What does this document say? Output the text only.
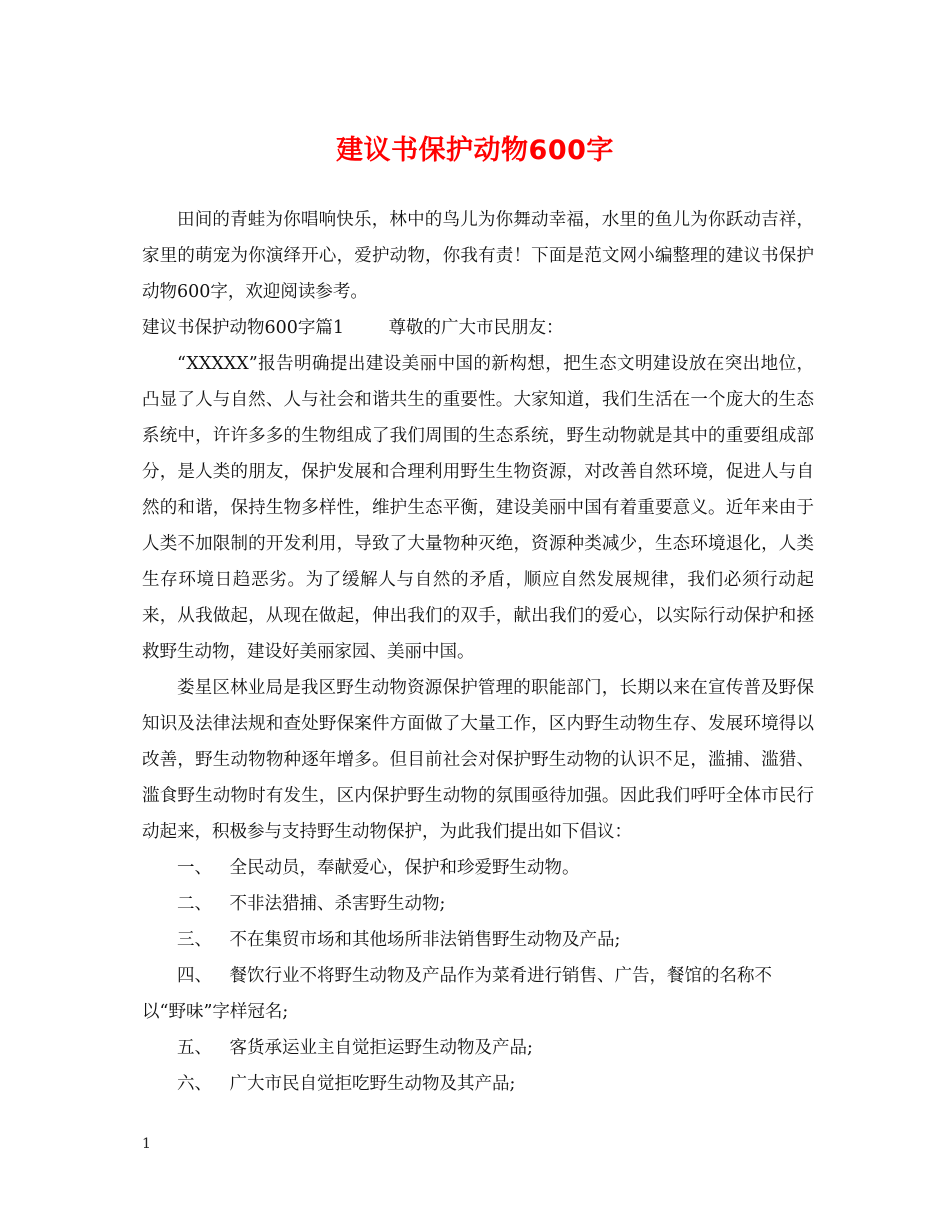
建议书保护动物600字

田间的青蛙为你唱响快乐，林中的鸟儿为你舞动幸福，水里的鱼儿为你跃动吉祥，家里的萌宠为你演绎开心，爱护动物，你我有责！下面是范文网小编整理的建议书保护动物600字，欢迎阅读参考。

建议书保护动物600字篇1        尊敬的广大市民朋友：

“XXXXX”报告明确提出建设美丽中国的新构想，把生态文明建设放在突出地位，凸显了人与自然、人与社会和谐共生的重要性。大家知道，我们生活在一个庞大的生态系统中，许许多多的生物组成了我们周围的生态系统，野生动物就是其中的重要组成部分，是人类的朋友，保护发展和合理利用野生生物资源，对改善自然环境，促进人与自然的和谐，保持生物多样性，维护生态平衡，建设美丽中国有着重要意义。近年来由于人类不加限制的开发利用，导致了大量物种灭绝，资源种类减少，生态环境退化，人类生存环境日趋恶劣。为了缓解人与自然的矛盾，顺应自然发展规律，我们必须行动起来，从我做起，从现在做起，伸出我们的双手，献出我们的爱心，以实际行动保护和拯救野生动物，建设好美丽家园、美丽中国。

娄星区林业局是我区野生动物资源保护管理的职能部门，长期以来在宣传普及野保知识及法律法规和查处野保案件方面做了大量工作，区内野生动物生存、发展环境得以改善，野生动物物种逐年增多。但目前社会对保护野生动物的认识不足，滥捕、滥猎、滥食野生动物时有发生，区内保护野生动物的氛围亟待加强。因此我们呼吁全体市民行动起来，积极参与支持野生动物保护，为此我们提出如下倡议：

一、 全民动员，奉献爱心，保护和珍爱野生动物。

二、 不非法猎捕、杀害野生动物;

三、 不在集贸市场和其他场所非法销售野生动物及产品;

四、 餐饮行业不将野生动物及产品作为菜肴进行销售、广告，餐馆的名称不以“野味”字样冠名;

五、 客货承运业主自觉拒运野生动物及产品;

六、 广大市民自觉拒吃野生动物及其产品;

1
